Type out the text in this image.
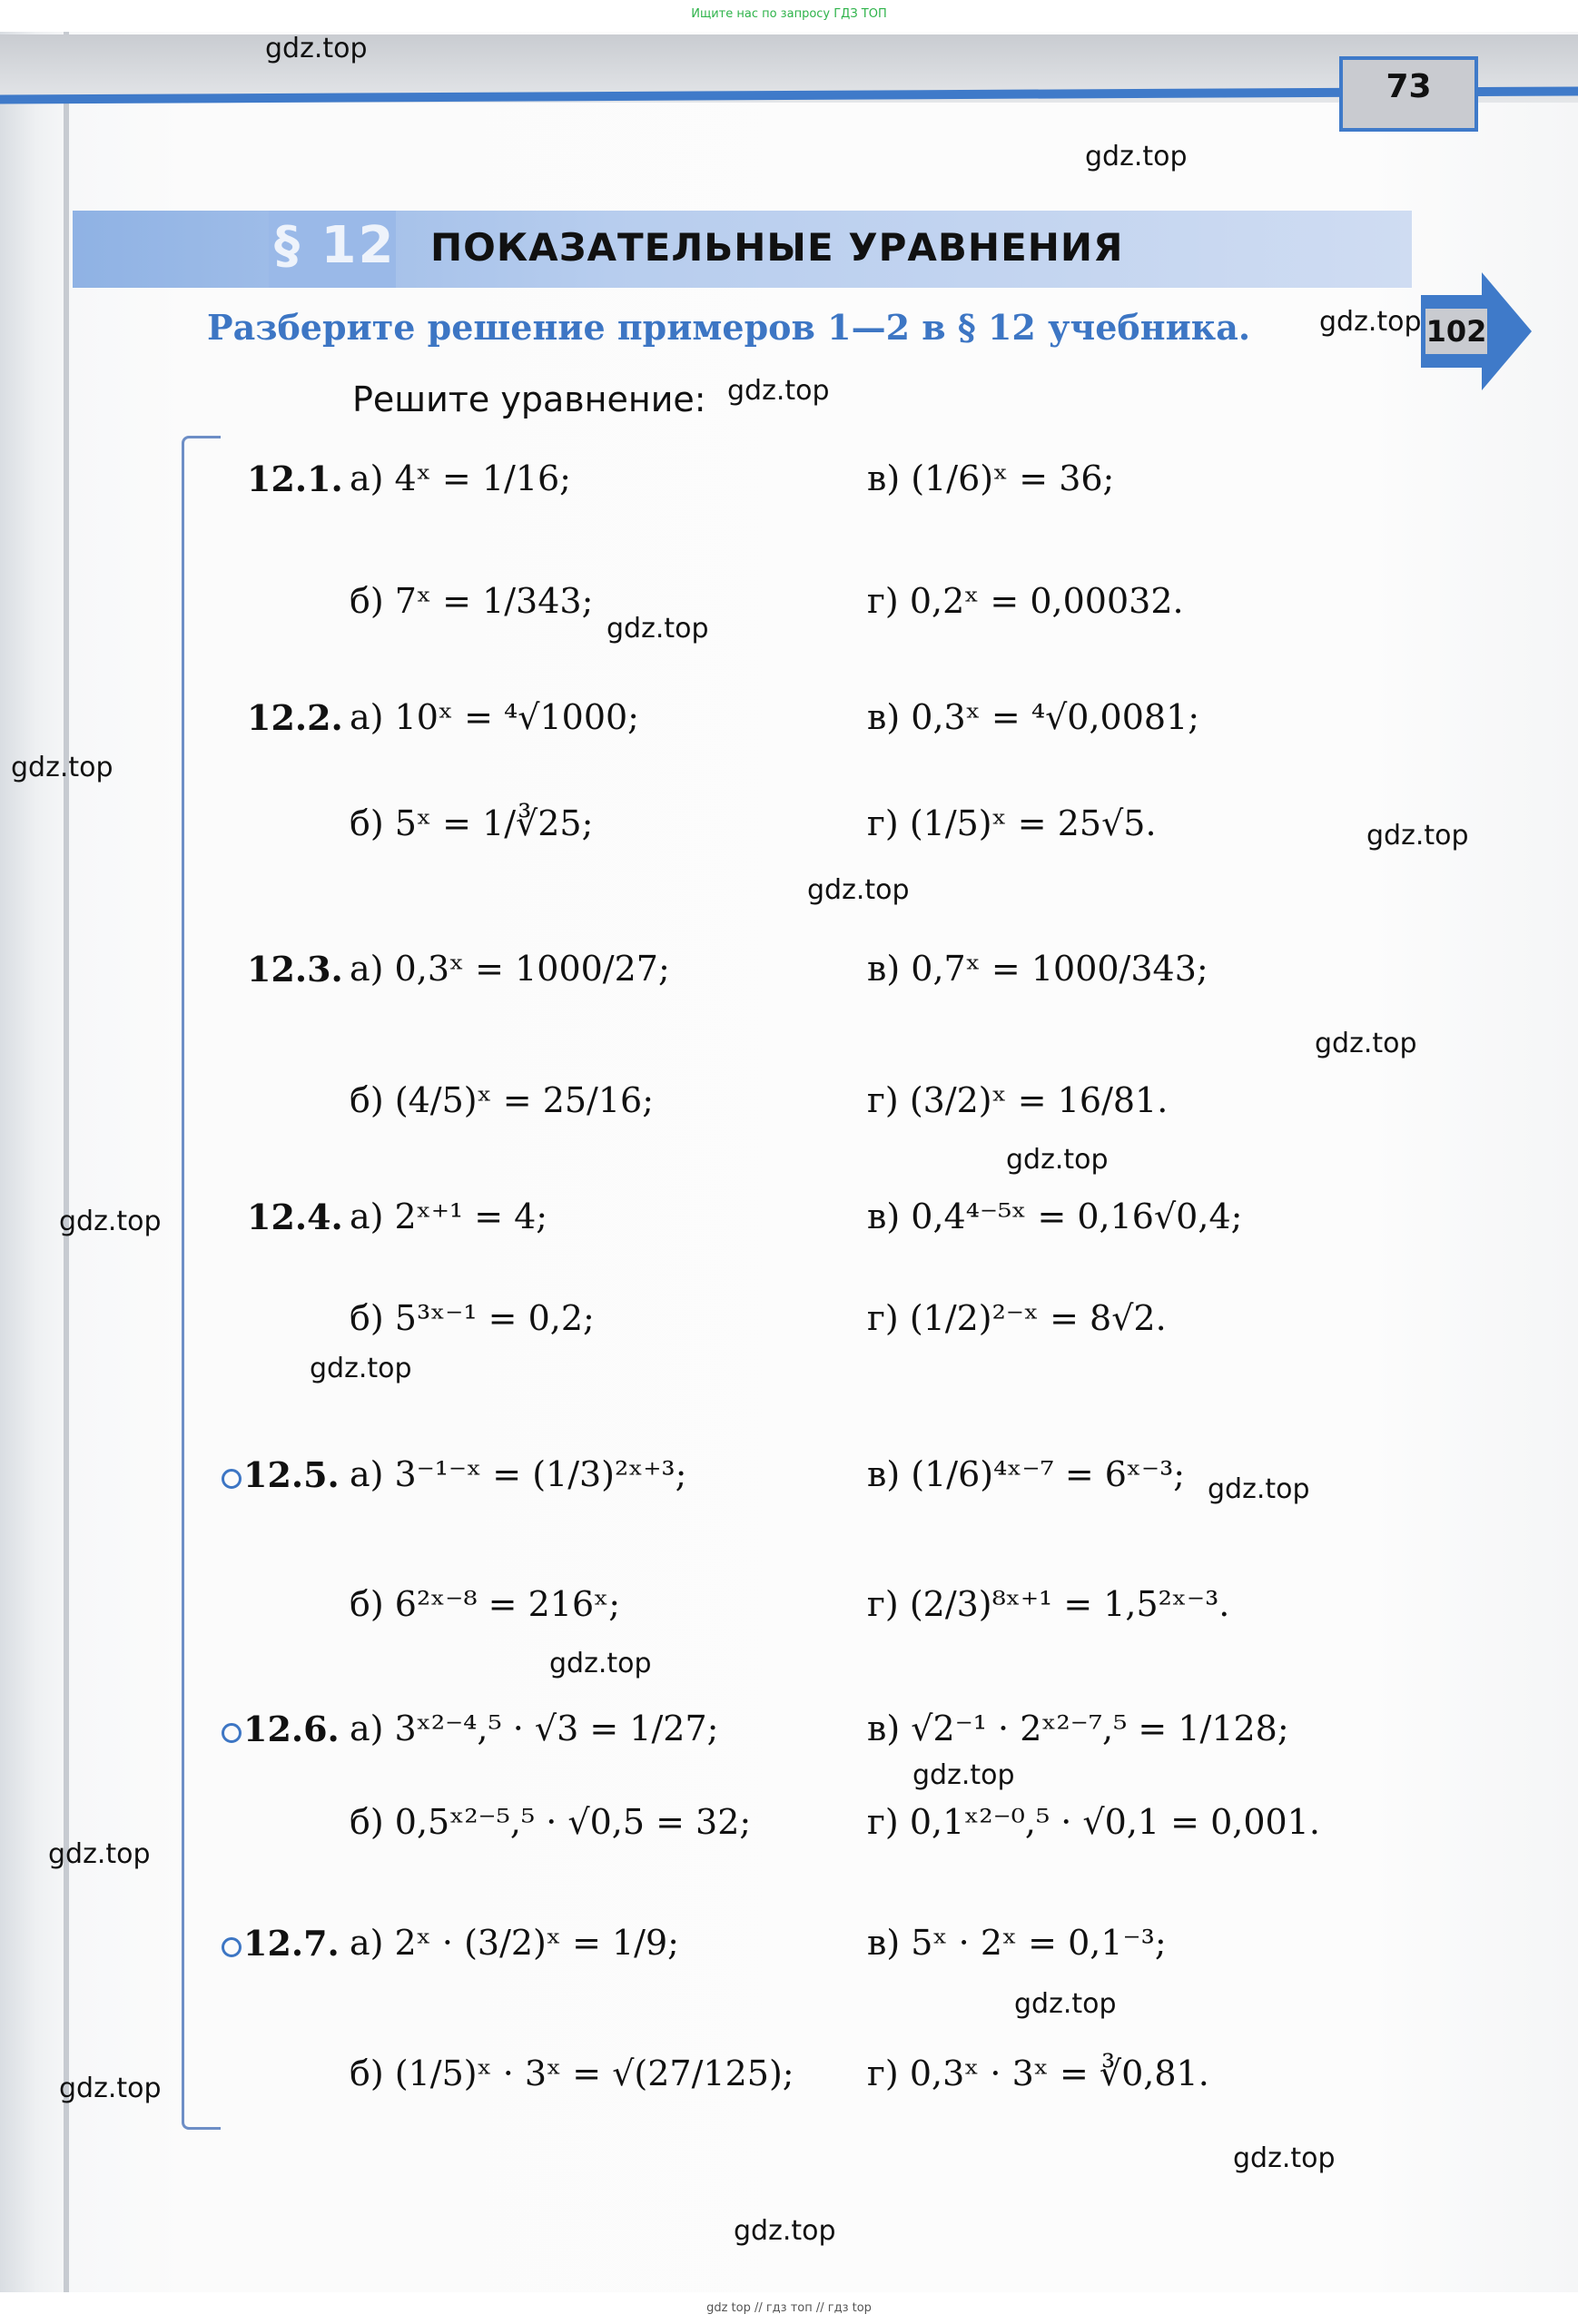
Ищите нас по запросу ГДЗ ТОП
73
§ 12 ПОКАЗАТЕЛЬНЫЕ УРАВНЕНИЯ
Разберите решение примеров 1—2 в § 12 учебника.	102
Решите уравнение:
12.1. а) 4ˣ = 1/16;
б) 7ˣ = 1/343;
в) (1/6)ˣ = 36;
г) 0,2ˣ = 0,00032.
12.2. а) 10ˣ = ⁴√1000;
б) 5ˣ = 1/∛25;
в) 0,3ˣ = ⁴√0,0081;
г) (1/5)ˣ = 25√5.
12.3. а) 0,3ˣ = 1000/27;
б) (4/5)ˣ = 25/16;
в) 0,7ˣ = 1000/343;
г) (3/2)ˣ = 16/81.
12.4. а) 2ˣ⁺¹ = 4;
б) 5³ˣ⁻¹ = 0,2;
в) 0,4⁴⁻⁵ˣ = 0,16√0,4;
г) (1/2)²⁻ˣ = 8√2.
12.5. а) 3⁻¹⁻ˣ = (1/3)²ˣ⁺³;
б) 6²ˣ⁻⁸ = 216ˣ;
в) (1/6)⁴ˣ⁻⁷ = 6ˣ⁻³;
г) (2/3)⁸ˣ⁺¹ = 1,5²ˣ⁻³.
12.6. а) 3ˣ²⁻⁴,⁵ · √3 = 1/27;
б) 0,5ˣ²⁻⁵,⁵ · √0,5 = 32;
в) √2⁻¹ · 2ˣ²⁻⁷,⁵ = 1/128;
г) 0,1ˣ²⁻⁰,⁵ · √0,1 = 0,001.
12.7. а) 2ˣ · (3/2)ˣ = 1/9;
б) (1/5)ˣ · 3ˣ = √(27/125);
в) 5ˣ · 2ˣ = 0,1⁻³;
г) 0,3ˣ · 3ˣ = ∛0,81.
gdz.top
gdz.top
gdz.top
gdz.top
gdz.top
gdz.top
gdz.top
gdz.top
gdz.top
gdz.top
gdz.top
gdz.top
gdz.top
gdz.top
gdz.top
gdz.top
gdz.top
gdz.top
gdz.top
gdz.top
gdz top // гдз топ // гдз top
